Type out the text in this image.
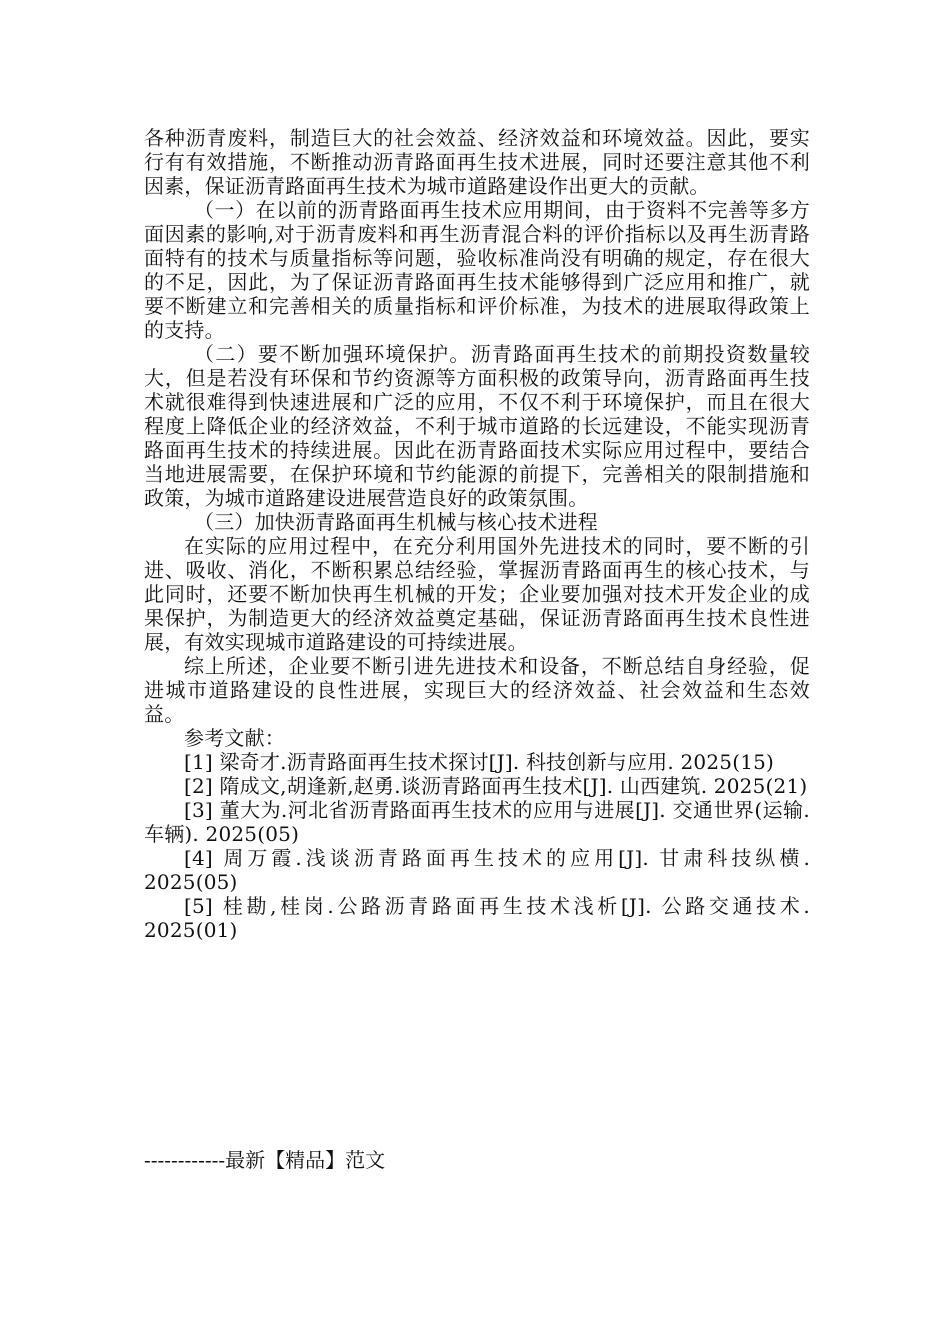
各种沥青废料，制造巨大的社会效益、经济效益和环境效益。因此，要实行有有效措施，不断推动沥青路面再生技术进展，同时还要注意其他不利因素，保证沥青路面再生技术为城市道路建设作出更大的贡献。

（一）在以前的沥青路面再生技术应用期间，由于资料不完善等多方面因素的影响,对于沥青废料和再生沥青混合料的评价指标以及再生沥青路面特有的技术与质量指标等问题，验收标准尚没有明确的规定，存在很大的不足，因此，为了保证沥青路面再生技术能够得到广泛应用和推广，就要不断建立和完善相关的质量指标和评价标准，为技术的进展取得政策上的支持。

（二）要不断加强环境保护。沥青路面再生技术的前期投资数量较大，但是若没有环保和节约资源等方面积极的政策导向，沥青路面再生技术就很难得到快速进展和广泛的应用，不仅不利于环境保护，而且在很大程度上降低企业的经济效益，不利于城市道路的长远建设，不能实现沥青路面再生技术的持续进展。因此在沥青路面技术实际应用过程中，要结合当地进展需要，在保护环境和节约能源的前提下，完善相关的限制措施和政策，为城市道路建设进展营造良好的政策氛围。

（三）加快沥青路面再生机械与核心技术进程

在实际的应用过程中，在充分利用国外先进技术的同时，要不断的引进、吸收、消化，不断积累总结经验，掌握沥青路面再生的核心技术，与此同时，还要不断加快再生机械的开发；企业要加强对技术开发企业的成果保护，为制造更大的经济效益奠定基础，保证沥青路面再生技术良性进展，有效实现城市道路建设的可持续进展。

综上所述，企业要不断引进先进技术和设备，不断总结自身经验，促进城市道路建设的良性进展，实现巨大的经济效益、社会效益和生态效益。

参考文献：

[1] 梁奇才.沥青路面再生技术探讨[J]. 科技创新与应用. 2025(15)

[2] 隋成文,胡逢新,赵勇.谈沥青路面再生技术[J]. 山西建筑. 2025(21)

[3] 董大为.河北省沥青路面再生技术的应用与进展[J]. 交通世界(运输.车辆). 2025(05)

[4] 周万霞.浅谈沥青路面再生技术的应用[J]. 甘肃科技纵横. 2025(05)

[5] 桂勘,桂岗.公路沥青路面再生技术浅析[J]. 公路交通技术. 2025(01)

------------最新【精品】范文
